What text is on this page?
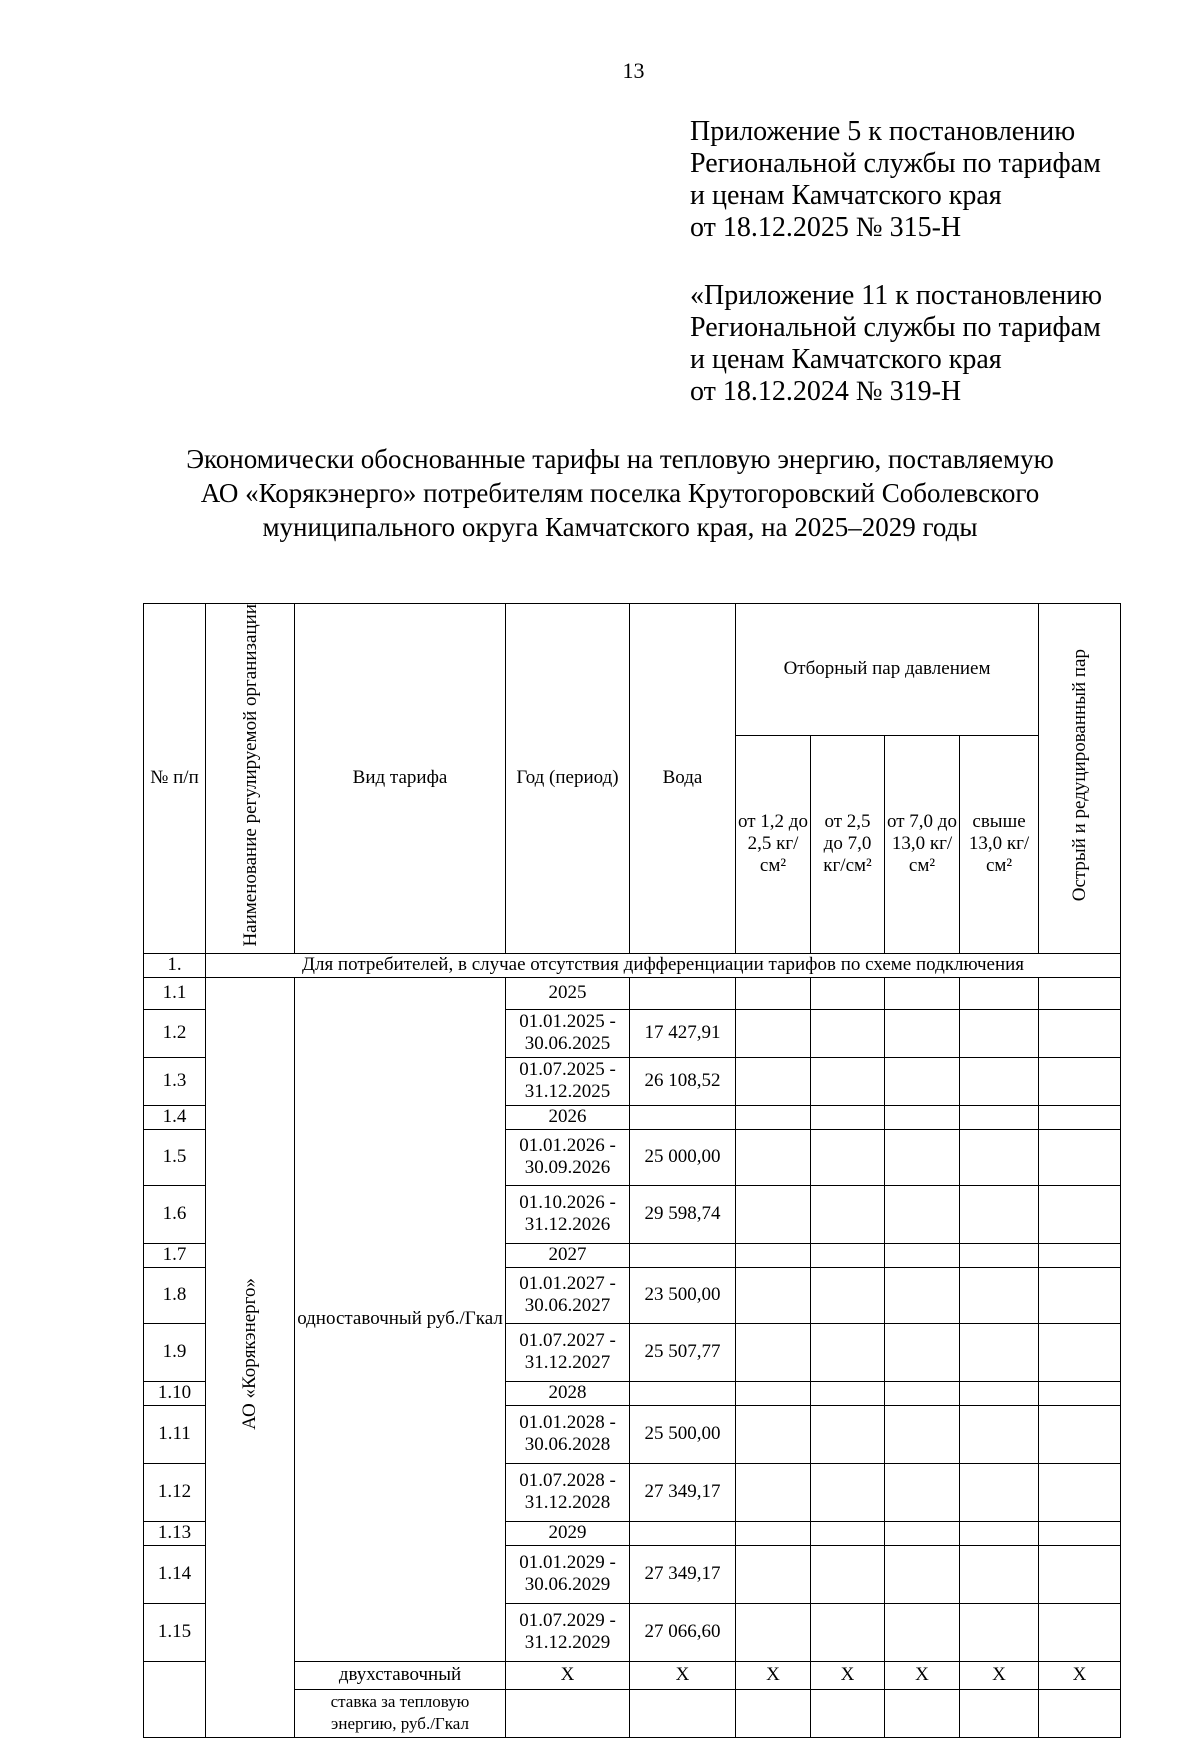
13
Приложение 5 к постановлению
Региональной службы по тарифам
и ценам Камчатского края
от 18.12.2025 № 315-Н
«Приложение 11 к постановлению
Региональной службы по тарифам
и ценам Камчатского края
от 18.12.2024 № 319-Н
Экономически обоснованные тарифы на тепловую энергию, поставляемую
АО «Корякэнерго» потребителям поселка Крутогоровский Соболевского
муниципального округа Камчатского края, на 2025–2029 годы
№ п/п	Наименование регулируемой организации	Вид тарифа	Год (период)	Вода	Отборный пар давлением				Острый и редуцированный пар
					от 1,2 до 2,5 кг/см²	от 2,5 до 7,0 кг/см²	от 7,0 до 13,0 кг/см²	свыше 13,0 кг/см²	
1.	Для потребителей, в случае отсутствия дифференциации тарифов по схеме подключения								
1.1	АО «Корякэнерго»	одноставочный руб./Гкал	2025						
1.2			01.01.2025 - 30.06.2025	17 427,91					
1.3			01.07.2025 - 31.12.2025	26 108,52					
1.4			2026						
1.5			01.01.2026 - 30.09.2026	25 000,00					
1.6			01.10.2026 - 31.12.2026	29 598,74					
1.7			2027						
1.8			01.01.2027 - 30.06.2027	23 500,00					
1.9			01.07.2027 - 31.12.2027	25 507,77					
1.10			2028						
1.11			01.01.2028 - 30.06.2028	25 500,00					
1.12			01.07.2028 - 31.12.2028	27 349,17					
1.13			2029						
1.14			01.01.2029 - 30.06.2029	27 349,17					
1.15			01.07.2029 - 31.12.2029	27 066,60					
		двухставочный	X	X	X	X	X	X	X
		ставка за тепловую энергию, руб./Гкал							
